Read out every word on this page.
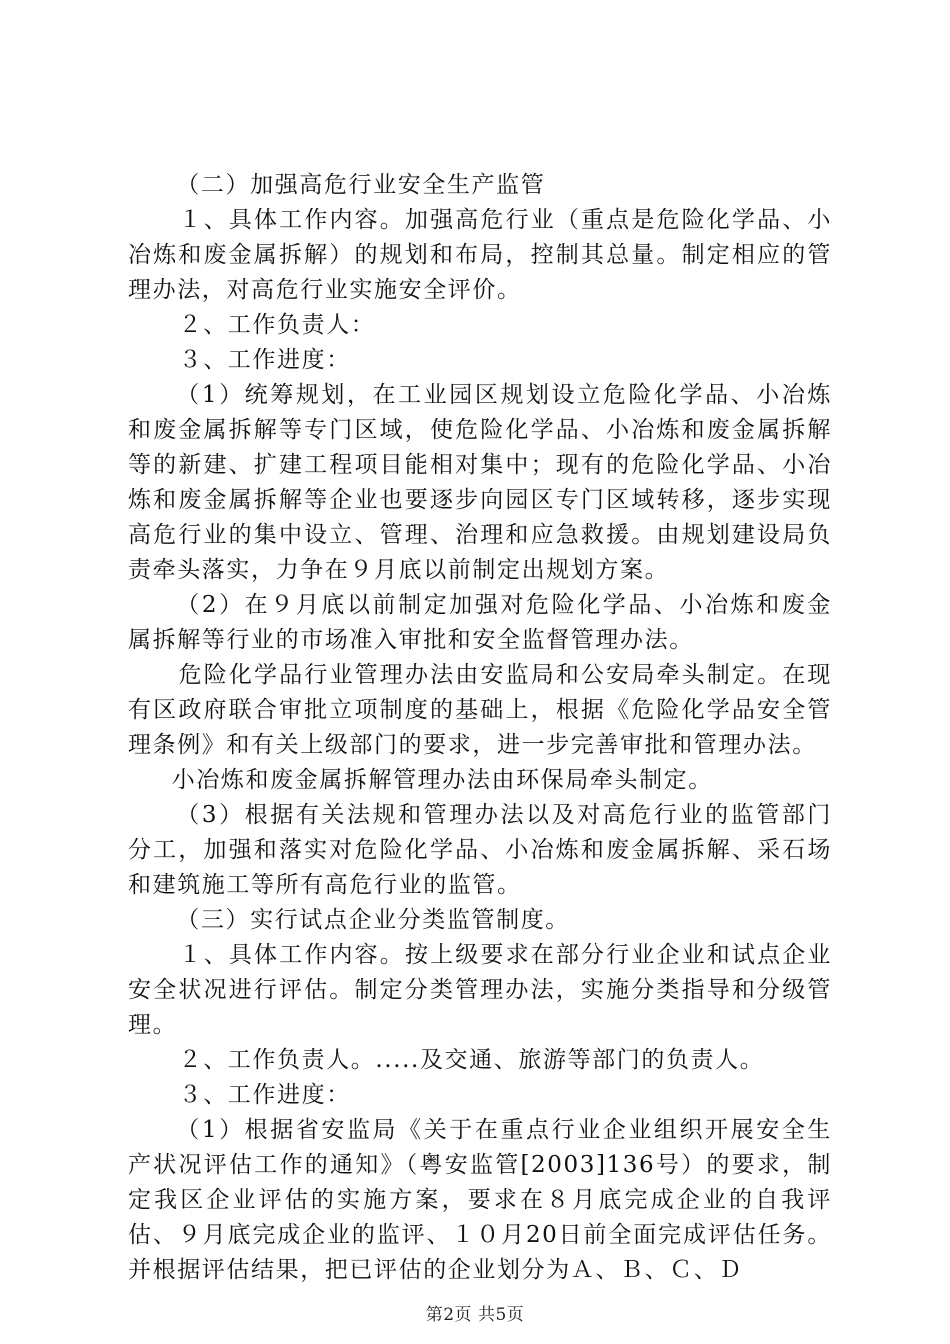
（二）加强高危行业安全生产监管

１、具体工作内容。加强高危行业（重点是危险化学品、小冶炼和废金属拆解）的规划和布局，控制其总量。制定相应的管理办法，对高危行业实施安全评价。

２、工作负责人：

３、工作进度：

（1）统筹规划，在工业园区规划设立危险化学品、小冶炼和废金属拆解等专门区域，使危险化学品、小冶炼和废金属拆解等的新建、扩建工程项目能相对集中；现有的危险化学品、小冶炼和废金属拆解等企业也要逐步向园区专门区域转移，逐步实现高危行业的集中设立、管理、治理和应急救援。由规划建设局负责牵头落实，力争在９月底以前制定出规划方案。

（2）在９月底以前制定加强对危险化学品、小冶炼和废金属拆解等行业的市场准入审批和安全监督管理办法。

危险化学品行业管理办法由安监局和公安局牵头制定。在现有区政府联合审批立项制度的基础上，根据《危险化学品安全管理条例》和有关上级部门的要求，进一步完善审批和管理办法。

小冶炼和废金属拆解管理办法由环保局牵头制定。

（3）根据有关法规和管理办法以及对高危行业的监管部门分工，加强和落实对危险化学品、小冶炼和废金属拆解、采石场和建筑施工等所有高危行业的监管。

（三）实行试点企业分类监管制度。

１、具体工作内容。按上级要求在部分行业企业和试点企业安全状况进行评估。制定分类管理办法，实施分类指导和分级管理。

２、工作负责人。.....及交通、旅游等部门的负责人。

３、工作进度：

（1）根据省安监局《关于在重点行业企业组织开展安全生产状况评估工作的通知》（粤安监管[2003]136号）的要求，制定我区企业评估的实施方案，要求在８月底完成企业的自我评估、９月底完成企业的监评、１０月20日前全面完成评估任务。并根据评估结果，把已评估的企业划分为Ａ、Ｂ、Ｃ、Ｄ

第2页 共5页
